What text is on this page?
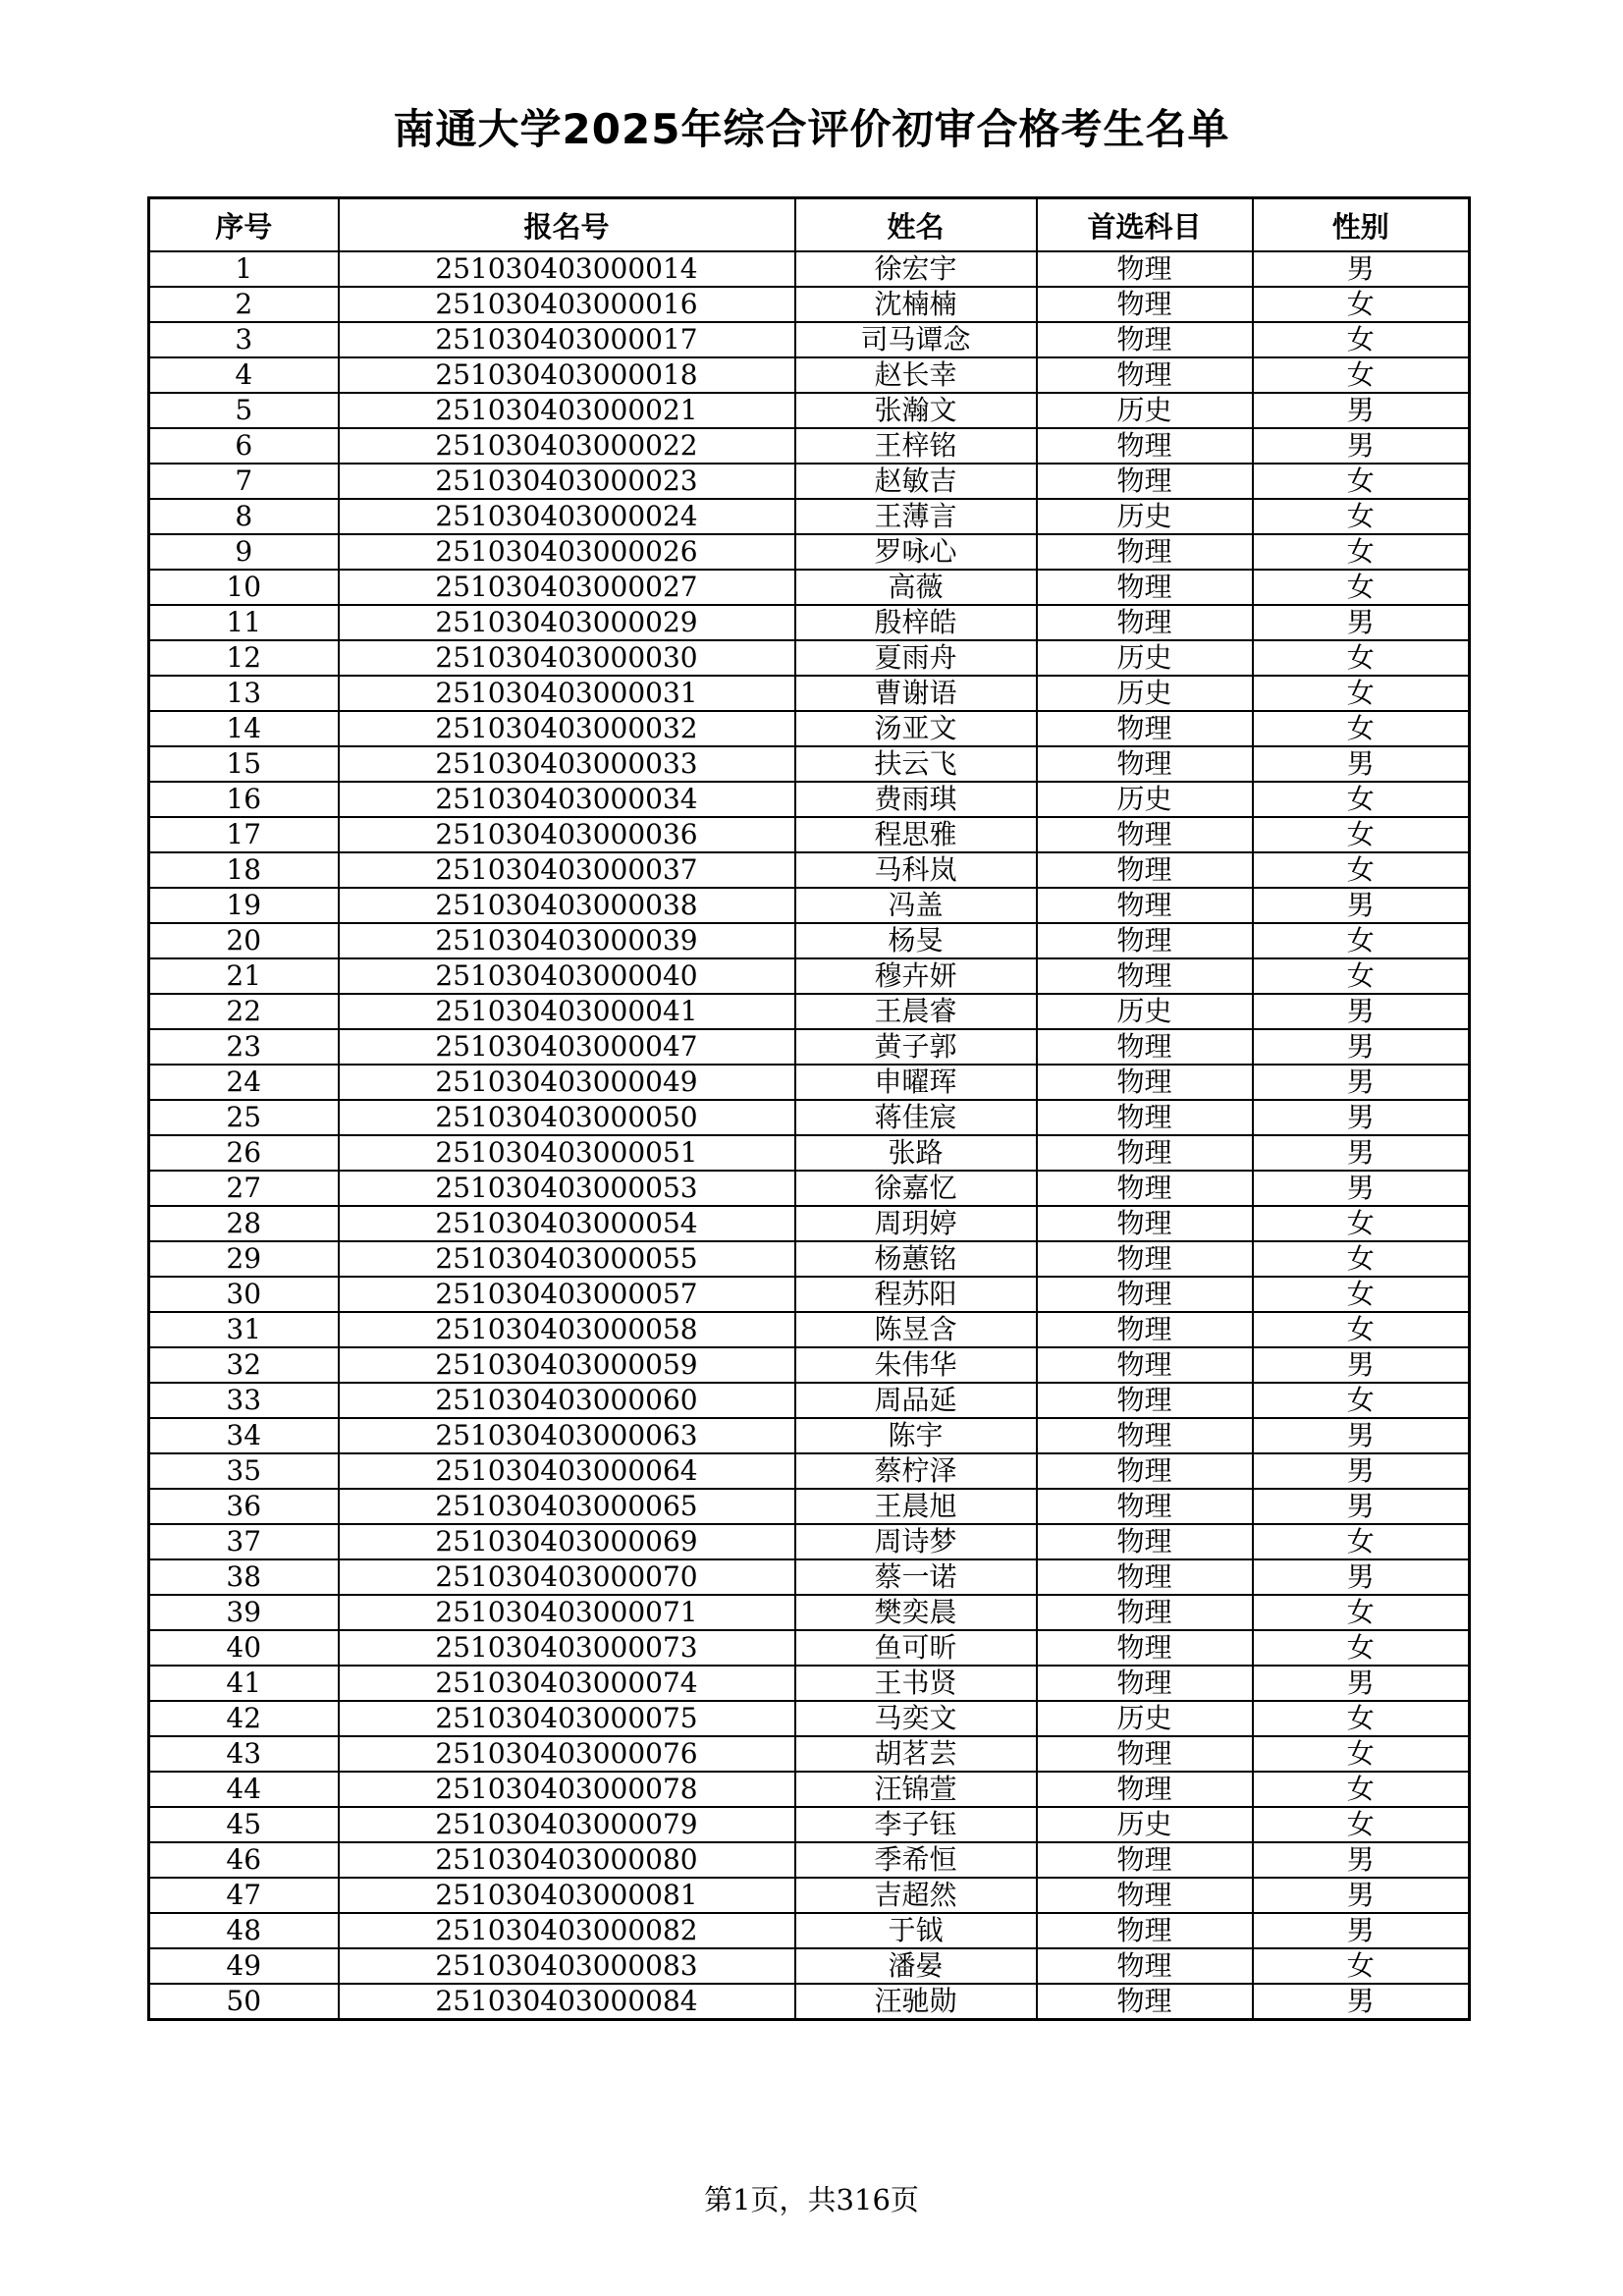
南通大学2025年综合评价初审合格考生名单
序号	报名号	姓名	首选科目	性别
1	251030403000014	徐宏宇	物理	男
2	251030403000016	沈楠楠	物理	女
3	251030403000017	司马谭念	物理	女
4	251030403000018	赵长幸	物理	女
5	251030403000021	张瀚文	历史	男
6	251030403000022	王梓铭	物理	男
7	251030403000023	赵敏吉	物理	女
8	251030403000024	王薄言	历史	女
9	251030403000026	罗咏心	物理	女
10	251030403000027	高薇	物理	女
11	251030403000029	殷梓皓	物理	男
12	251030403000030	夏雨舟	历史	女
13	251030403000031	曹谢语	历史	女
14	251030403000032	汤亚文	物理	女
15	251030403000033	扶云飞	物理	男
16	251030403000034	费雨琪	历史	女
17	251030403000036	程思雅	物理	女
18	251030403000037	马科岚	物理	女
19	251030403000038	冯盖	物理	男
20	251030403000039	杨旻	物理	女
21	251030403000040	穆卉妍	物理	女
22	251030403000041	王晨睿	历史	男
23	251030403000047	黄子郭	物理	男
24	251030403000049	申曜珲	物理	男
25	251030403000050	蒋佳宸	物理	男
26	251030403000051	张路	物理	男
27	251030403000053	徐嘉忆	物理	男
28	251030403000054	周玥婷	物理	女
29	251030403000055	杨蕙铭	物理	女
30	251030403000057	程苏阳	物理	女
31	251030403000058	陈昱含	物理	女
32	251030403000059	朱伟华	物理	男
33	251030403000060	周品延	物理	女
34	251030403000063	陈宇	物理	男
35	251030403000064	蔡柠泽	物理	男
36	251030403000065	王晨旭	物理	男
37	251030403000069	周诗梦	物理	女
38	251030403000070	蔡一诺	物理	男
39	251030403000071	樊奕晨	物理	女
40	251030403000073	鱼可昕	物理	女
41	251030403000074	王书贤	物理	男
42	251030403000075	马奕文	历史	女
43	251030403000076	胡茗芸	物理	女
44	251030403000078	汪锦萱	物理	女
45	251030403000079	李子钰	历史	女
46	251030403000080	季希恒	物理	男
47	251030403000081	吉超然	物理	男
48	251030403000082	于钺	物理	男
49	251030403000083	潘晏	物理	女
50	251030403000084	汪驰勋	物理	男
第1页，共316页
